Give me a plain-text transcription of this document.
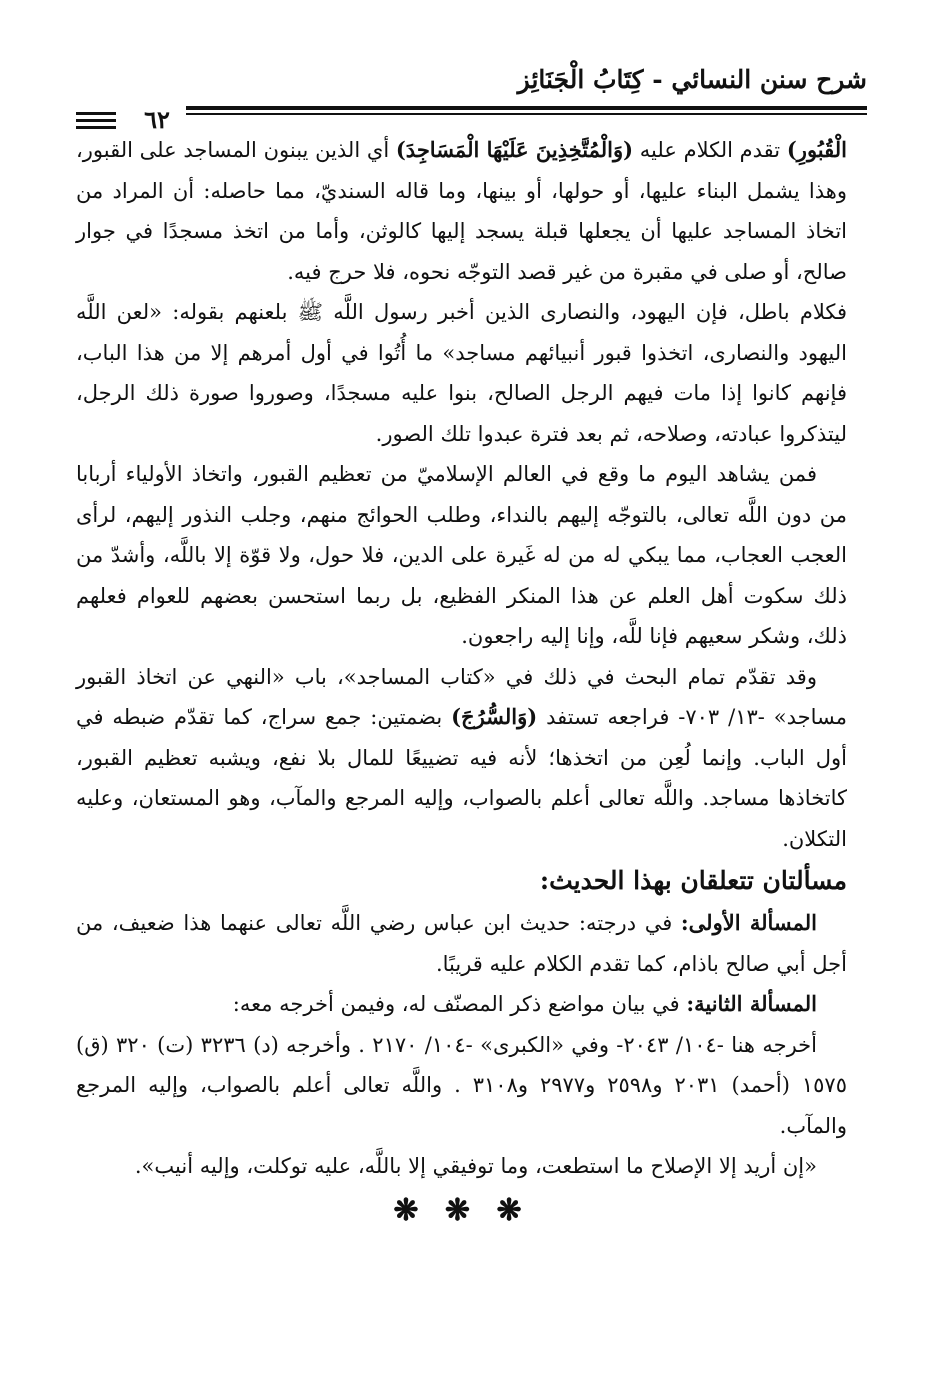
شرح سنن النسائي - كِتَابُ الْجَنَائِز
٦٢

الْقُبُورِ) تقدم الكلام عليه (وَالْمُتَّخِذِينَ عَلَيْهَا الْمَسَاجِدَ) أي الذين يبنون المساجد على القبور، وهذا يشمل البناء عليها، أو حولها، أو بينها، وما قاله السنديّ، مما حاصله: أن المراد من اتخاذ المساجد عليها أن يجعلها قبلة يسجد إليها كالوثن، وأما من اتخذ مسجدًا في جوار صالح، أو صلى في مقبرة من غير قصد التوجّه نحوه، فلا حرج فيه.

فكلام باطل، فإن اليهود، والنصارى الذين أخبر رسول اللَّه ﷺ بلعنهم بقوله: «لعن اللَّه اليهود والنصارى، اتخذوا قبور أنبيائهم مساجد» ما أُتُوا في أول أمرهم إلا من هذا الباب، فإنهم كانوا إذا مات فيهم الرجل الصالح، بنوا عليه مسجدًا، وصوروا صورة ذلك الرجل، ليتذكروا عبادته، وصلاحه، ثم بعد فترة عبدوا تلك الصور.

فمن يشاهد اليوم ما وقع في العالم الإسلاميّ من تعظيم القبور، واتخاذ الأولياء أربابا من دون اللَّه تعالى، بالتوجّه إليهم بالنداء، وطلب الحوائج منهم، وجلب النذور إليهم، لرأى العجب العجاب، مما يبكي له من له غَيرة على الدين، فلا حول، ولا قوّة إلا باللَّه، وأشدّ من ذلك سكوت أهل العلم عن هذا المنكر الفظيع، بل ربما استحسن بعضهم للعوام فعلهم ذلك، وشكر سعيهم فإنا للَّه، وإنا إليه راجعون.

وقد تقدّم تمام البحث في ذلك في «كتاب المساجد»، باب «النهي عن اتخاذ القبور مساجد» -١٣/ ٧٠٣- فراجعه تستفد (وَالسُّرُجَ) بضمتين: جمع سراج، كما تقدّم ضبطه في أول الباب. وإنما لُعِن من اتخذها؛ لأنه فيه تضييعًا للمال بلا نفع، ويشبه تعظيم القبور، كاتخاذها مساجد. واللَّه تعالى أعلم بالصواب، وإليه المرجع والمآب، وهو المستعان، وعليه التكلان.

مسألتان تتعلقان بهذا الحديث:

المسألة الأولى: في درجته: حديث ابن عباس رضي اللَّه تعالى عنهما هذا ضعيف، من أجل أبي صالح باذام، كما تقدم الكلام عليه قريبًا.

المسألة الثانية: في بيان مواضع ذكر المصنّف له، وفيمن أخرجه معه:

أخرجه هنا -١٠٤/ ٢٠٤٣- وفي «الكبرى» -١٠٤/ ٢١٧٠ . وأخرجه (د) ٣٢٣٦ (ت) ٣٢٠ (ق) ١٥٧٥ (أحمد) ٢٠٣١ و٢٥٩٨ و٢٩٧٧ و٣١٠٨ . واللَّه تعالى أعلم بالصواب، وإليه المرجع والمآب.

«إن أريد إلا الإصلاح ما استطعت، وما توفيقي إلا باللَّه، عليه توكلت، وإليه أنيب».

❋ ❋ ❋
